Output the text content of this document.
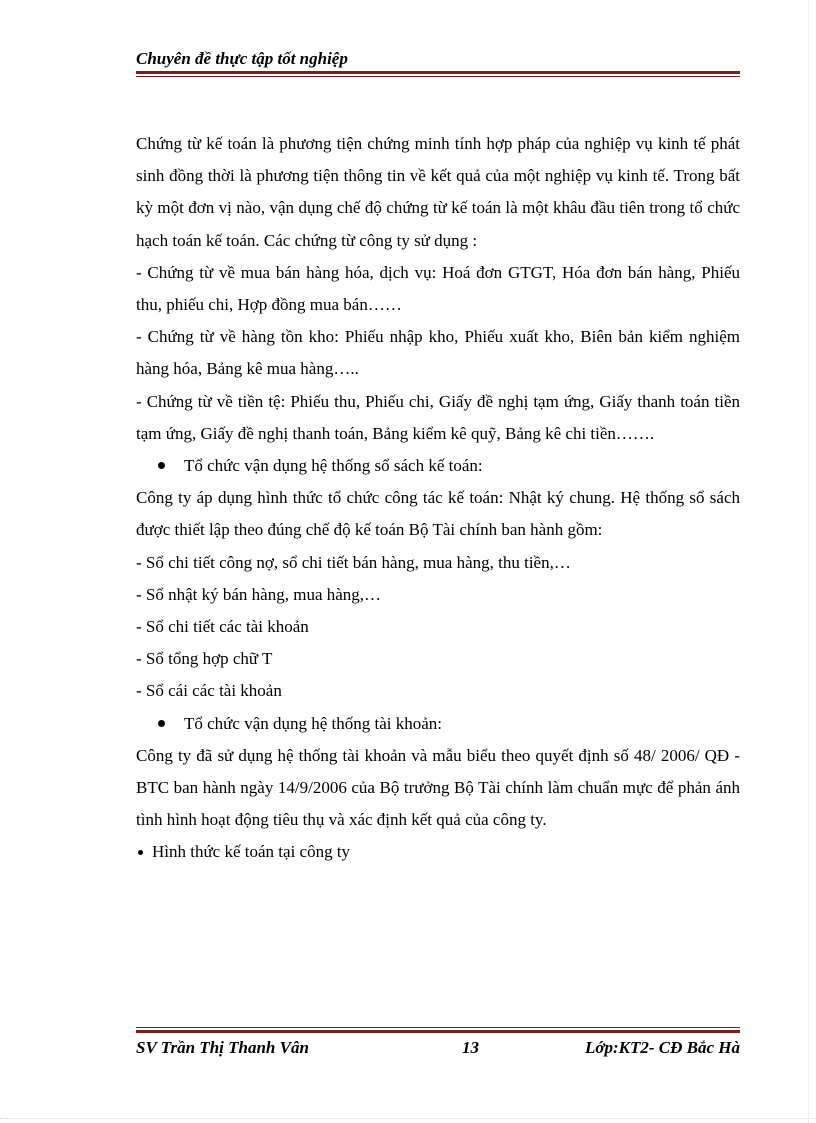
Chuyên đề thực tập tốt nghiệp

Chứng từ kế toán là phương tiện chứng minh tính hợp pháp của nghiệp vụ kinh tế phát sinh đồng thời là phương tiện thông tin về kết quả của một nghiệp vụ kinh tế. Trong bất kỳ một đơn vị nào, vận dụng chế độ chứng từ kế toán là một khâu đầu tiên trong tổ chức hạch toán kế toán. Các chứng từ công ty sử dụng :

- Chứng từ về mua bán hàng hóa, dịch vụ: Hoá đơn GTGT, Hóa đơn bán hàng, Phiếu thu, phiếu chi, Hợp đồng mua bán……

- Chứng từ về hàng tồn kho: Phiếu nhập kho, Phiếu xuất kho, Biên bản kiểm nghiệm hàng hóa, Bảng kê mua hàng…..

- Chứng từ về tiền tệ: Phiếu thu, Phiếu chi, Giấy đề nghị tạm ứng, Giấy thanh toán tiền tạm ứng, Giấy đề nghị thanh toán, Bảng kiểm kê quỹ, Bảng kê chi tiền…….

Tổ chức vận dụng hệ thống sổ sách kế toán:

Công ty áp dụng hình thức tổ chức công tác kế toán: Nhật ký chung. Hệ thống sổ sách được thiết lập theo đúng chế độ kế toán Bộ Tài chính ban hành gồm:

- Sổ chi tiết công nợ, sổ chi tiết bán hàng, mua hàng, thu tiền,…

- Sổ nhật ký bán hàng, mua hàng,…

- Sổ chi tiết các tài khoản

- Sổ tổng hợp chữ T

- Sổ cái các tài khoản

Tổ chức vận dụng hệ thống tài khoản:

Công ty đã sử dụng hệ thống tài khoản và mẫu biểu theo quyết định số 48/ 2006/ QĐ - BTC ban hành ngày 14/9/2006 của Bộ trưởng Bộ Tài chính làm chuẩn mực để phản ánh tình hình hoạt động tiêu thụ và xác định kết quả của công ty.

Hình thức kế toán tại công ty
SV Trần Thị Thanh Vân	13	Lớp:KT2- CĐ Bắc Hà
